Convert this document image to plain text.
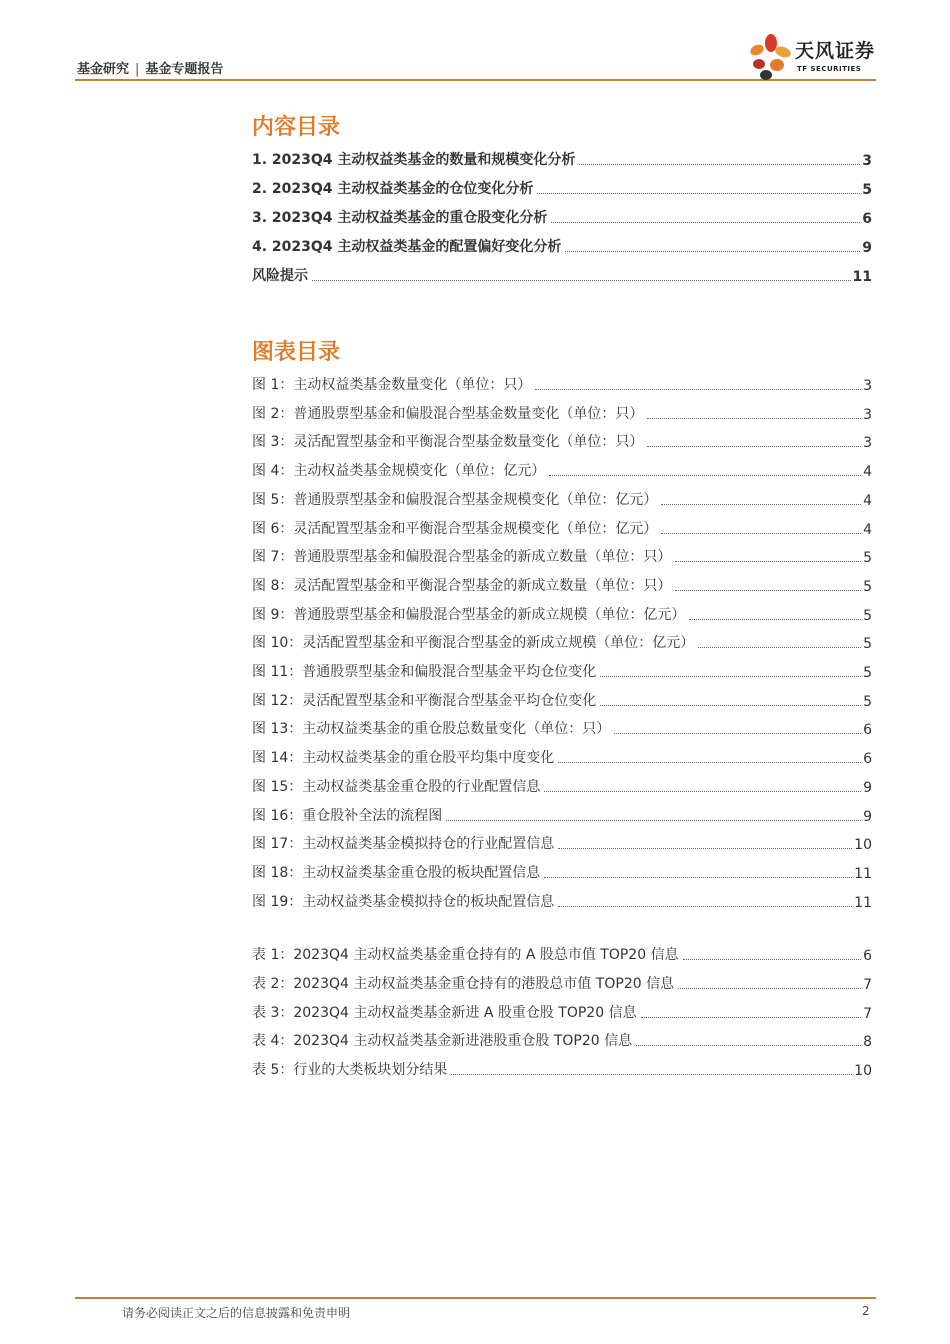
基金研究 | 基金专题报告
天风证券
TF SECURITIES
内容目录
1. 2023Q4 主动权益类基金的数量和规模变化分析	3
2. 2023Q4 主动权益类基金的仓位变化分析	5
3. 2023Q4 主动权益类基金的重仓股变化分析	6
4. 2023Q4 主动权益类基金的配置偏好变化分析	9
风险提示	11
图表目录
图 1：主动权益类基金数量变化（单位：只）	3
图 2：普通股票型基金和偏股混合型基金数量变化（单位：只）	3
图 3：灵活配置型基金和平衡混合型基金数量变化（单位：只）	3
图 4：主动权益类基金规模变化（单位：亿元）	4
图 5：普通股票型基金和偏股混合型基金规模变化（单位：亿元）	4
图 6：灵活配置型基金和平衡混合型基金规模变化（单位：亿元）	4
图 7：普通股票型基金和偏股混合型基金的新成立数量（单位：只）	5
图 8：灵活配置型基金和平衡混合型基金的新成立数量（单位：只）	5
图 9：普通股票型基金和偏股混合型基金的新成立规模（单位：亿元）	5
图 10：灵活配置型基金和平衡混合型基金的新成立规模（单位：亿元）	5
图 11：普通股票型基金和偏股混合型基金平均仓位变化	5
图 12：灵活配置型基金和平衡混合型基金平均仓位变化	5
图 13：主动权益类基金的重仓股总数量变化（单位：只）	6
图 14：主动权益类基金的重仓股平均集中度变化	6
图 15：主动权益类基金重仓股的行业配置信息	9
图 16：重仓股补全法的流程图	9
图 17：主动权益类基金模拟持仓的行业配置信息	10
图 18：主动权益类基金重仓股的板块配置信息	11
图 19：主动权益类基金模拟持仓的板块配置信息	11
表 1：2023Q4 主动权益类基金重仓持有的 A 股总市值 TOP20 信息	6
表 2：2023Q4 主动权益类基金重仓持有的港股总市值 TOP20 信息	7
表 3：2023Q4 主动权益类基金新进 A 股重仓股 TOP20 信息	7
表 4：2023Q4 主动权益类基金新进港股重仓股 TOP20 信息	8
表 5：行业的大类板块划分结果	10
请务必阅读正文之后的信息披露和免责申明	2
